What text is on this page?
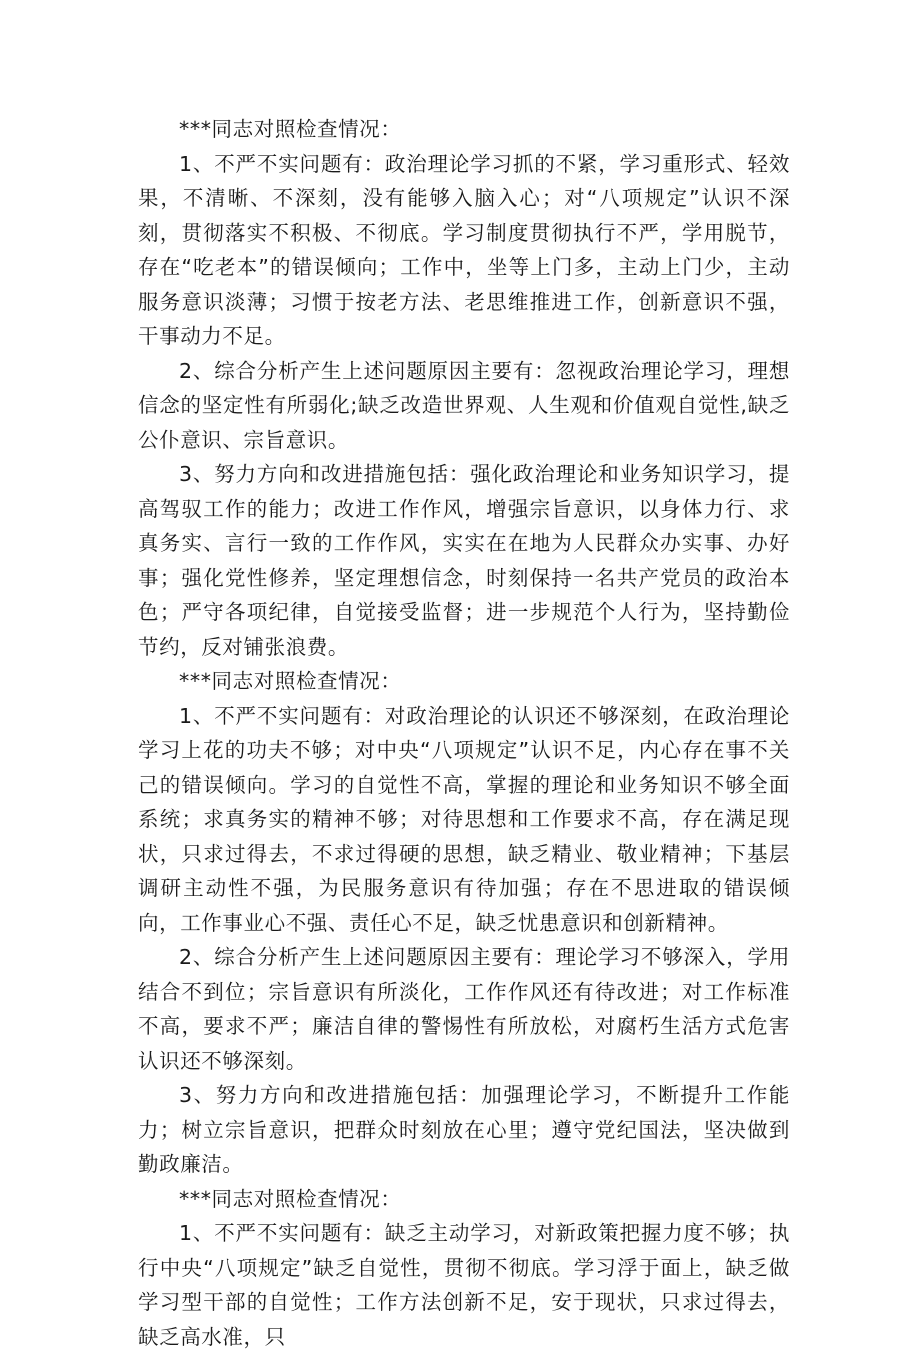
***同志对照检查情况：

1、不严不实问题有：政治理论学习抓的不紧，学习重形式、轻效果，不清晰、不深刻，没有能够入脑入心；对“八项规定”认识不深刻，贯彻落实不积极、不彻底。学习制度贯彻执行不严，学用脱节，存在“吃老本”的错误倾向；工作中，坐等上门多，主动上门少，主动服务意识淡薄；习惯于按老方法、老思维推进工作，创新意识不强，干事动力不足。

2、综合分析产生上述问题原因主要有：忽视政治理论学习，理想信念的坚定性有所弱化;缺乏改造世界观、人生观和价值观自觉性,缺乏公仆意识、宗旨意识。

3、努力方向和改进措施包括：强化政治理论和业务知识学习，提高驾驭工作的能力；改进工作作风，增强宗旨意识，以身体力行、求真务实、言行一致的工作作风，实实在在地为人民群众办实事、办好事；强化党性修养，坚定理想信念，时刻保持一名共产党员的政治本色；严守各项纪律，自觉接受监督；进一步规范个人行为，坚持勤俭节约，反对铺张浪费。

***同志对照检查情况：

1、不严不实问题有：对政治理论的认识还不够深刻，在政治理论学习上花的功夫不够；对中央“八项规定”认识不足，内心存在事不关己的错误倾向。学习的自觉性不高，掌握的理论和业务知识不够全面系统；求真务实的精神不够；对待思想和工作要求不高，存在满足现状，只求过得去，不求过得硬的思想，缺乏精业、敬业精神；下基层调研主动性不强，为民服务意识有待加强；存在不思进取的错误倾向，工作事业心不强、责任心不足，缺乏忧患意识和创新精神。

2、综合分析产生上述问题原因主要有：理论学习不够深入，学用结合不到位；宗旨意识有所淡化，工作作风还有待改进；对工作标准不高，要求不严；廉洁自律的警惕性有所放松，对腐朽生活方式危害认识还不够深刻。

3、努力方向和改进措施包括：加强理论学习，不断提升工作能力；树立宗旨意识，把群众时刻放在心里；遵守党纪国法，坚决做到勤政廉洁。

***同志对照检查情况：

1、不严不实问题有：缺乏主动学习，对新政策把握力度不够；执行中央“八项规定”缺乏自觉性，贯彻不彻底。学习浮于面上，缺乏做学习型干部的自觉性；工作方法创新不足，安于现状，只求过得去，缺乏高水准，只
